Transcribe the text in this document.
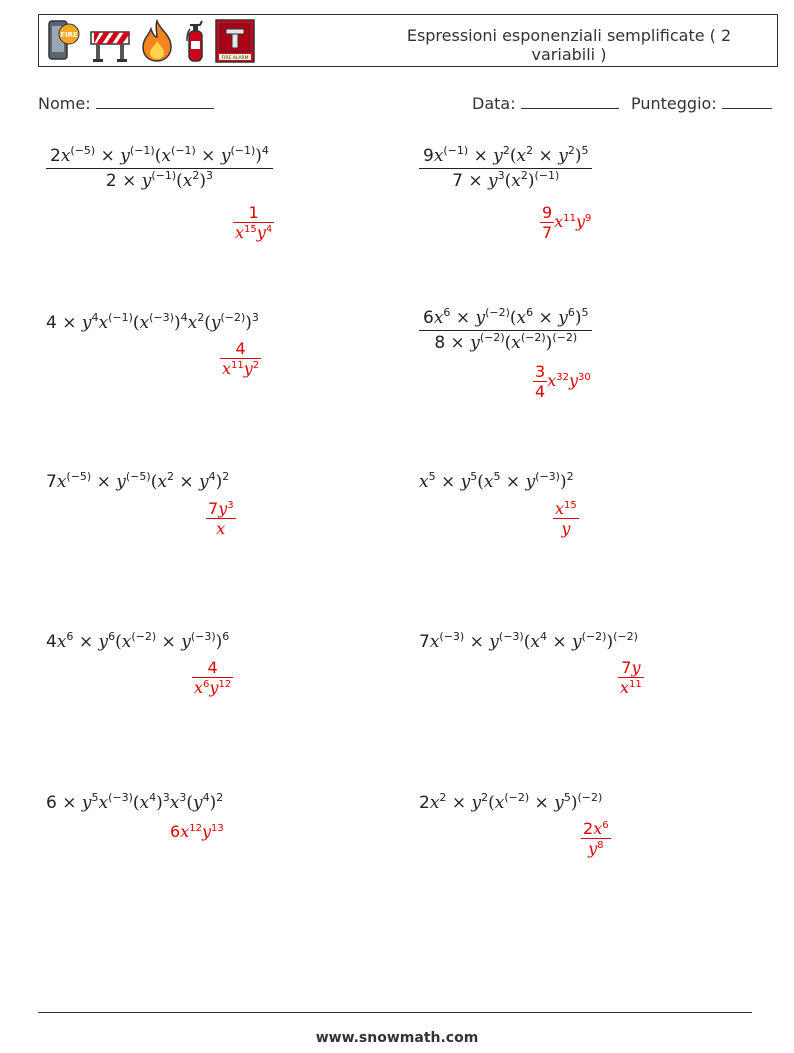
FIRE
FIRE ALARM
Espressioni esponenziali semplificate ( 2 variabili )
Nome:	Data:	Punteggio:
$\frac{2x^{(-5)} \times y^{(-1)}(x^{(-1)} \times y^{(-1)})^4}{2 \times y^{(-1)}(x^2)^3}$
$\frac{1}{x^{15}y^4}$
$\frac{9x^{(-1)} \times y^2(x^2 \times y^2)^5}{7 \times y^3(x^2)^{(-1)}}$
$\frac{9}{7} x^{11}y^9$
$4 \times y^4x^{(-1)}(x^{(-3)})^4x^2(y^{(-2)})^3$
$\frac{4}{x^{11}y^2}$
$\frac{6x^6 \times y^{(-2)}(x^6 \times y^6)^5}{8 \times y^{(-2)}(x^{(-2)})^{(-2)}}$
$\frac{3}{4} x^{32}y^{30}$
$7x^{(-5)} \times y^{(-5)}(x^2 \times y^4)^2$
$\frac{7y^3}{x}$
$x^5 \times y^5(x^5 \times y^{(-3)})^2$
$\frac{x^{15}}{y}$
$4x^6 \times y^6(x^{(-2)} \times y^{(-3)})^6$
$\frac{4}{x^6y^{12}}$
$7x^{(-3)} \times y^{(-3)}(x^4 \times y^{(-2)})^{(-2)}$
$\frac{7y}{x^{11}}$
$6 \times y^5x^{(-3)}(x^4)^3x^3(y^4)^2$
$6x^{12}y^{13}$
$2x^2 \times y^2(x^{(-2)} \times y^5)^{(-2)}$
$\frac{2x^6}{y^8}$
www.snowmath.com
